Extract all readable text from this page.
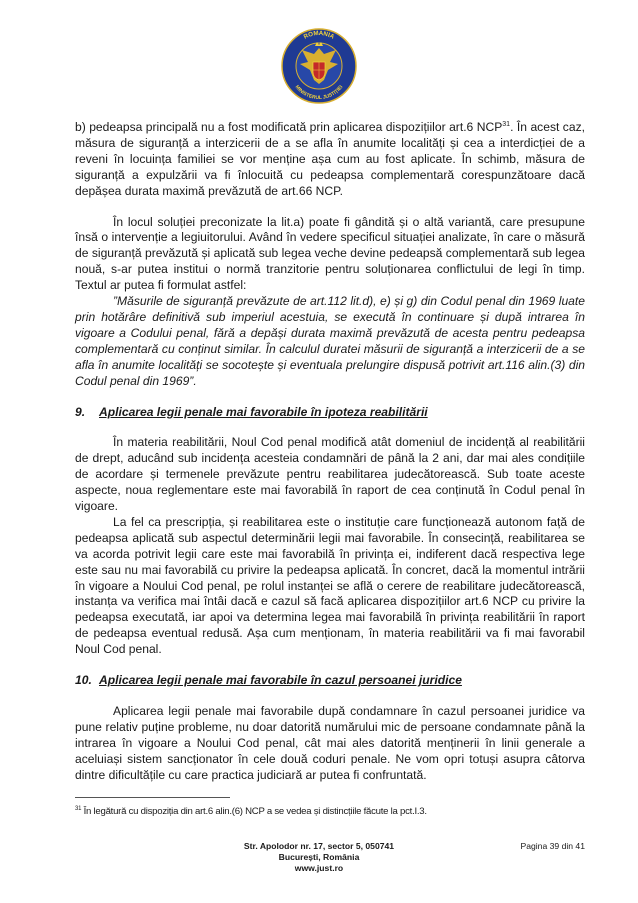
ROMANIA
MINISTERUL JUSTIȚIEI

b) pedeapsa principală nu a fost modificată prin aplicarea dispozițiilor art.6 NCP$^{31}$. În acest caz, măsura de siguranță a interzicerii de a se afla în anumite localități și cea a interdicției de a reveni în locuința familiei se vor menține așa cum au fost aplicate. În schimb, măsura de siguranță a expulzării va fi înlocuită cu pedeapsa complementară corespunzătoare dacă depășea durata maximă prevăzută de art.66 NCP.

În locul soluției preconizate la lit.a) poate fi gândită și o altă variantă, care presupune însă o intervenție a legiuitorului. Având în vedere specificul situației analizate, în care o măsură de siguranță prevăzută și aplicată sub legea veche devine pedeapsă complementară sub legea nouă, s-ar putea institui o normă tranzitorie pentru soluționarea conflictului de legi în timp. Textul ar putea fi formulat astfel:

”Măsurile de siguranță prevăzute de art.112 lit.d), e) și g) din Codul penal din 1969 luate prin hotărâre definitivă sub imperiul acestuia, se execută în continuare și după intrarea în vigoare a Codului penal, fără a depăși durata maximă prevăzută de acesta pentru pedeapsa complementară cu conținut similar. În calculul duratei măsurii de siguranță a interzicerii de a se afla în anumite localități se socotește și eventuala prelungire dispusă potrivit art.116 alin.(3) din Codul penal din 1969”.

9. Aplicarea legii penale mai favorabile în ipoteza reabilitării

În materia reabilitării, Noul Cod penal modifică atât domeniul de incidență al reabilitării de drept, aducând sub incidența acesteia condamnări de până la 2 ani, dar mai ales condițiile de acordare și termenele prevăzute pentru reabilitarea judecătorească. Sub toate aceste aspecte, noua reglementare este mai favorabilă în raport de cea conținută în Codul penal în vigoare.

La fel ca prescripția, și reabilitarea este o instituție care funcționează autonom față de pedeapsa aplicată sub aspectul determinării legii mai favorabile. În consecință, reabilitarea se va acorda potrivit legii care este mai favorabilă în privința ei, indiferent dacă respectiva lege este sau nu mai favorabilă cu privire la pedeapsa aplicată. În concret, dacă la momentul intrării în vigoare a Noului Cod penal, pe rolul instanței se află o cerere de reabilitare judecătorească, instanța va verifica mai întâi dacă e cazul să facă aplicarea dispozițiilor art.6 NCP cu privire la pedeapsa executată, iar apoi va determina legea mai favorabilă în privința reabilitării în raport de pedeapsa eventual redusă. Așa cum menționam, în materia reabilitării va fi mai favorabil Noul Cod penal.

10. Aplicarea legii penale mai favorabile în cazul persoanei juridice

Aplicarea legii penale mai favorabile după condamnare în cazul persoanei juridice va pune relativ puține probleme, nu doar datorită numărului mic de persoane condamnate până la intrarea în vigoare a Noului Cod penal, cât mai ales datorită menținerii în linii generale a aceluiași sistem sancționator în cele două coduri penale. Ne vom opri totuși asupra câtorva dintre dificultățile cu care practica judiciară ar putea fi confruntată.

$^{31}$ În legătură cu dispoziția din art.6 alin.(6) NCP a se vedea și distincțiile făcute la pct.I.3.
Str. Apolodor nr. 17, sector 5, 050741
București, România
www.just.ro
Pagina 39 din 41
